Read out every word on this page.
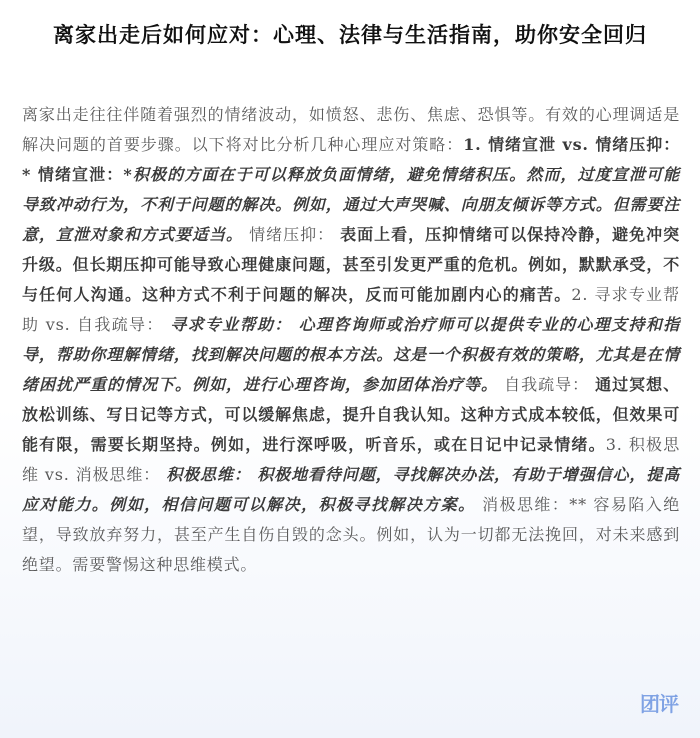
离家出走后如何应对：心理、法律与生活指南，助你安全回归

离家出走往往伴随着强烈的情绪波动，如愤怒、悲伤、焦虑、恐惧等。有效的心理调适是解决问题的首要步骤。以下将对比分析几种心理应对策略：1. 情绪宣泄 vs. 情绪压抑：* 情绪宣泄：*积极的方面在于可以释放负面情绪，避免情绪积压。然而，过度宣泄可能导致冲动行为，不利于问题的解决。例如，通过大声哭喊、向朋友倾诉等方式。但需要注意，宣泄对象和方式要适当。 情绪压抑： 表面上看，压抑情绪可以保持冷静，避免冲突升级。但长期压抑可能导致心理健康问题，甚至引发更严重的危机。例如，默默承受，不与任何人沟通。这种方式不利于问题的解决，反而可能加剧内心的痛苦。2. 寻求专业帮助 vs. 自我疏导： 寻求专业帮助： 心理咨询师或治疗师可以提供专业的心理支持和指导，帮助你理解情绪，找到解决问题的根本方法。这是一个积极有效的策略，尤其是在情绪困扰严重的情况下。例如，进行心理咨询，参加团体治疗等。 自我疏导： 通过冥想、放松训练、写日记等方式，可以缓解焦虑，提升自我认知。这种方式成本较低，但效果可能有限，需要长期坚持。例如，进行深呼吸，听音乐，或在日记中记录情绪。3. 积极思维 vs. 消极思维： 积极思维： 积极地看待问题，寻找解决办法，有助于增强信心，提高应对能力。例如，相信问题可以解决，积极寻找解决方案。 消极思维：** 容易陷入绝望，导致放弃努力，甚至产生自伤自毁的念头。例如，认为一切都无法挽回，对未来感到绝望。需要警惕这种思维模式。

团评
